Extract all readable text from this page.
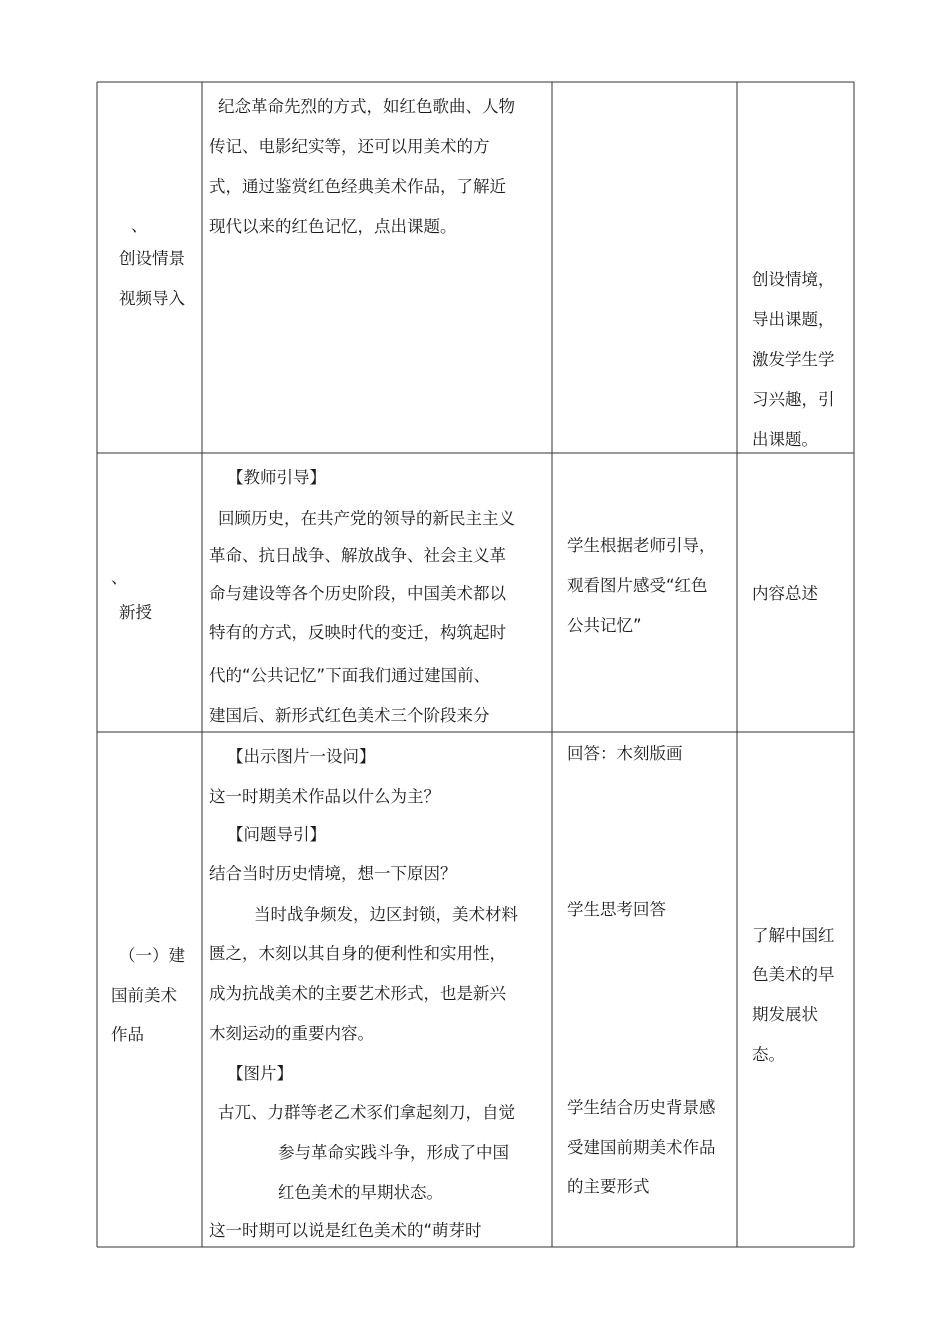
、
创设情景
视频导入
纪念革命先烈的方式，如红色歌曲、人物
传记、电影纪实等，还可以用美术的方
式，通过鉴赏红色经典美术作品，了解近
现代以来的红色记忆，点出课题。
创设情境，
导出课题，
激发学生学
习兴趣，引
出课题。
、
新授
【教师引导】
回顾历史，在共产党的领导的新民主主义
革命、抗日战争、解放战争、社会主义革
命与建设等各个历史阶段，中国美术都以
特有的方式，反映时代的变迁，构筑起时
代的“公共记忆”下面我们通过建国前、
建国后、新形式红色美术三个阶段来分
学生根据老师引导，
观看图片感受“红色
公共记忆”
内容总述
（一）建
国前美术
作品
【出示图片一设问】
这一时期美术作品以什么为主？
【问题导引】
结合当时历史情境，想一下原因？
当时战争频发，边区封锁，美术材料
匮之，木刻以其自身的便利性和实用性，
成为抗战美术的主要艺术形式，也是新兴
木刻运动的重要内容。
【图片】
古兀、力群等老乙术豕们拿起刻刀，自觉
参与革命实践斗争，形成了中国
红色美术的早期状态。
这一时期可以说是红色美术的“萌芽时
回答：木刻版画
学生思考回答
学生结合历史背景感
受建国前期美术作品
的主要形式
了解中国红
色美术的早
期发展状
态。
